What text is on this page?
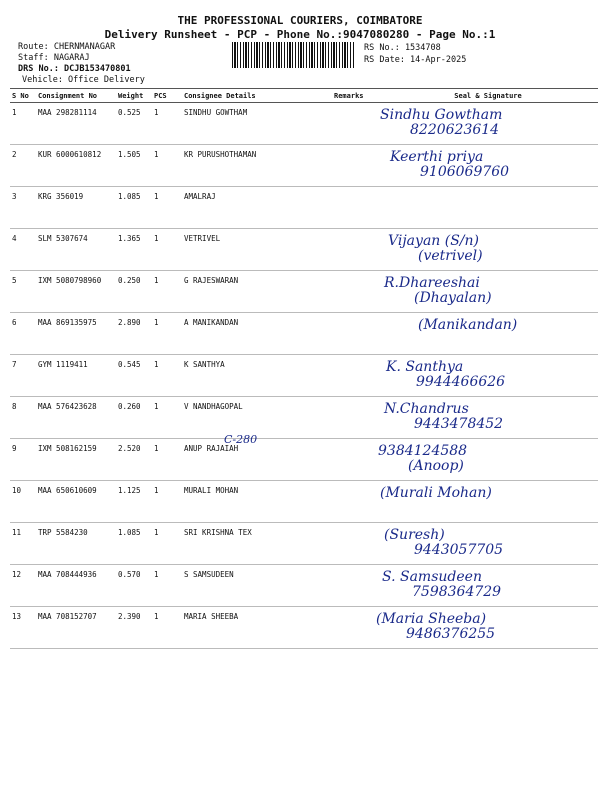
THE PROFESSIONAL COURIERS, COIMBATORE
Delivery Runsheet - PCP - Phone No.:9047080280 - Page No.:1
Route: CHERNMANAGAR
Staff: NAGARAJ
DRS No.: DCJB153470801
Vehicle: Office Delivery
RS No.: 1534708
RS Date: 14-Apr-2025
S No	Consignment No	Weight	PCS	Consignee Details	Remarks	Seal & Signature
1	MAA 298281114	0.525	1	SINDHU GOWTHAM		Sindhu Gowtham
8220623614

2	KUR 6000610812	1.505	1	KR PURUSHOTHAMAN		Keerthi priya
9106069760

3	KRG 356019	1.085	1	AMALRAJ		

4	SLM 5307674	1.365	1	VETRIVEL		Vijayan (S/n)
(vetrivel)

5	IXM 5080798960	0.250	1	G RAJESWARAN		R.Dhareeshai
(Dhayalan)

6	MAA 869135975	2.890	1	A MANIKANDAN		(Manikandan)

7	GYM 1119411	0.545	1	K SANTHYA		K. Santhya
9944466626

8	MAA 576423628	0.260	1	V NANDHAGOPAL		N.Chandrus
9443478452

9	IXM 508162159	2.520	1	ANUP RAJAIAH		9384124588
(Anoop)

10	MAA 650610609	1.125	1	MURALI MOHAN		(Murali Mohan)

11	TRP 5584230	1.085	1	SRI KRISHNA TEX		(Suresh)
9443057705

12	MAA 708444936	0.570	1	S SAMSUDEEN		S. Samsudeen
7598364729

13	MAA 708152707	2.390	1	MARIA SHEEBA		(Maria Sheeba)
9486376255
C-280
